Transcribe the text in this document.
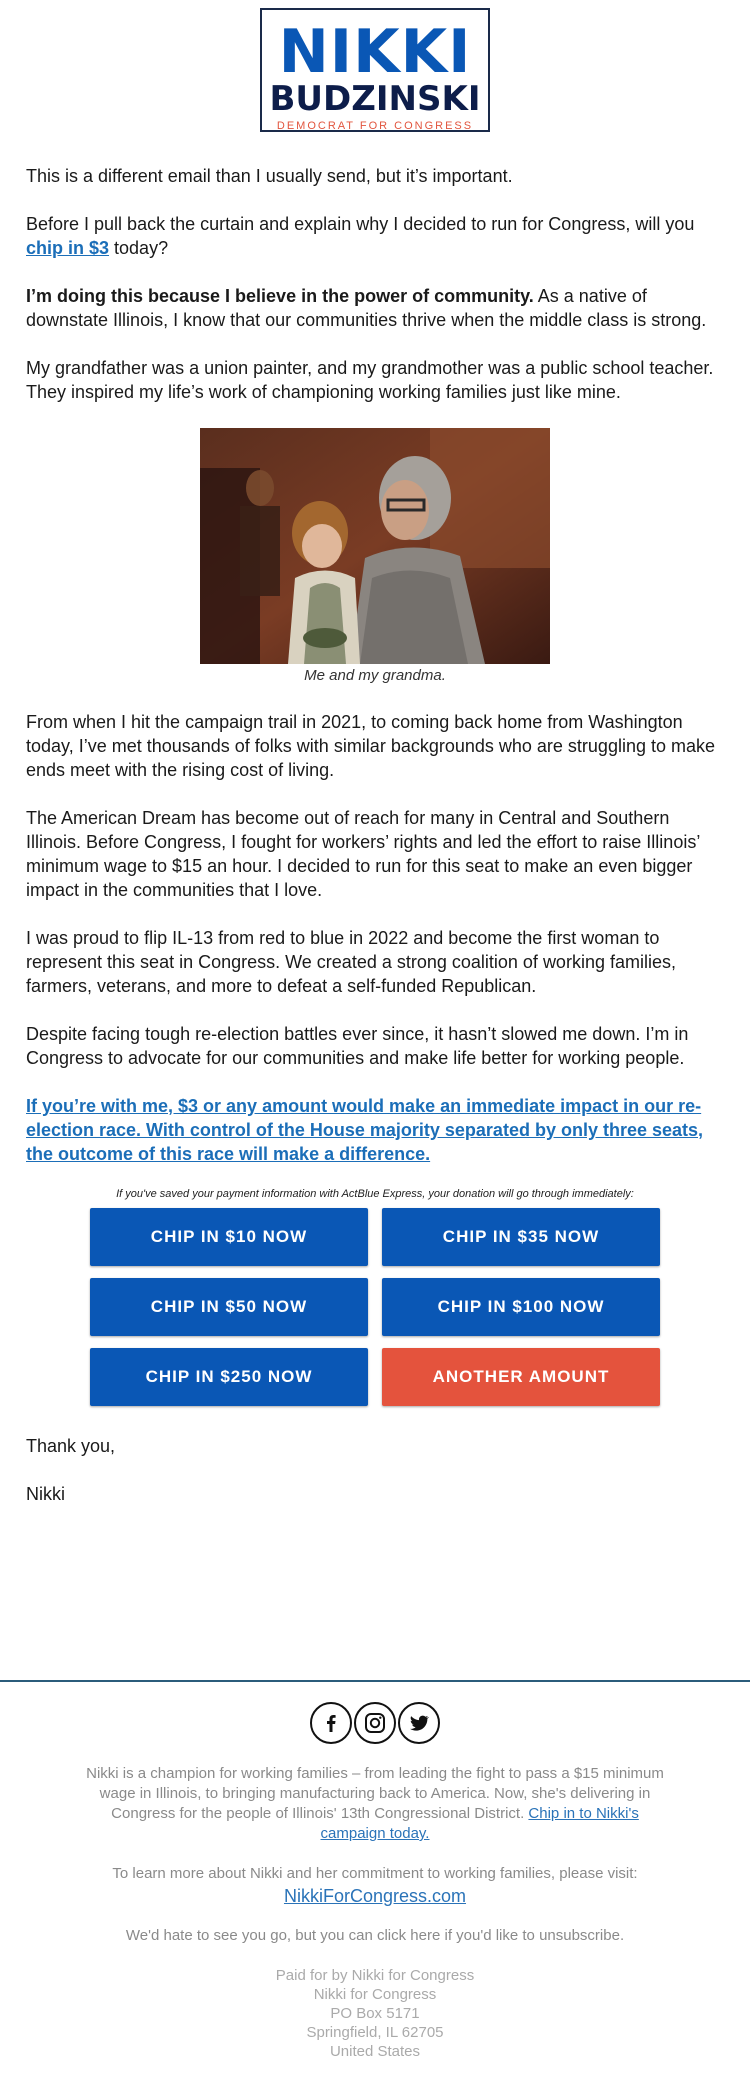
NIKKI
BUDZINSKI
DEMOCRAT FOR CONGRESS

This is a different email than I usually send, but it’s important.

Before I pull back the curtain and explain why I decided to run for Congress, will you chip in $3 today?

I’m doing this because I believe in the power of community. As a native of downstate Illinois, I know that our communities thrive when the middle class is strong.

My grandfather was a union painter, and my grandmother was a public school teacher. They inspired my life’s work of championing working families just like mine.

Me and my grandma.

From when I hit the campaign trail in 2021, to coming back home from Washington today, I’ve met thousands of folks with similar backgrounds who are struggling to make ends meet with the rising cost of living.

The American Dream has become out of reach for many in Central and Southern Illinois. Before Congress, I fought for workers’ rights and led the effort to raise Illinois’ minimum wage to $15 an hour. I decided to run for this seat to make an even bigger impact in the communities that I love.

I was proud to flip IL-13 from red to blue in 2022 and become the first woman to represent this seat in Congress. We created a strong coalition of working families, farmers, veterans, and more to defeat a self-funded Republican.

Despite facing tough re-election battles ever since, it hasn’t slowed me down. I’m in Congress to advocate for our communities and make life better for working people.

If you’re with me, $3 or any amount would make an immediate impact in our re-election race. With control of the House majority separated by only three seats, the outcome of this race will make a difference.

If you've saved your payment information with ActBlue Express, your donation will go through immediately:
CHIP IN $10 NOW	CHIP IN $35 NOW
CHIP IN $50 NOW	CHIP IN $100 NOW
CHIP IN $250 NOW	ANOTHER AMOUNT

Thank you,

Nikki

Nikki is a champion for working families – from leading the fight to pass a $15 minimum wage in Illinois, to bringing manufacturing back to America. Now, she's delivering in Congress for the people of Illinois' 13th Congressional District. Chip in to Nikki's campaign today.

To learn more about Nikki and her commitment to working families, please visit:
NikkiForCongress.com

We'd hate to see you go, but you can click here if you'd like to unsubscribe.

Paid for by Nikki for Congress
Nikki for Congress
PO Box 5171
Springfield, IL 62705
United States
